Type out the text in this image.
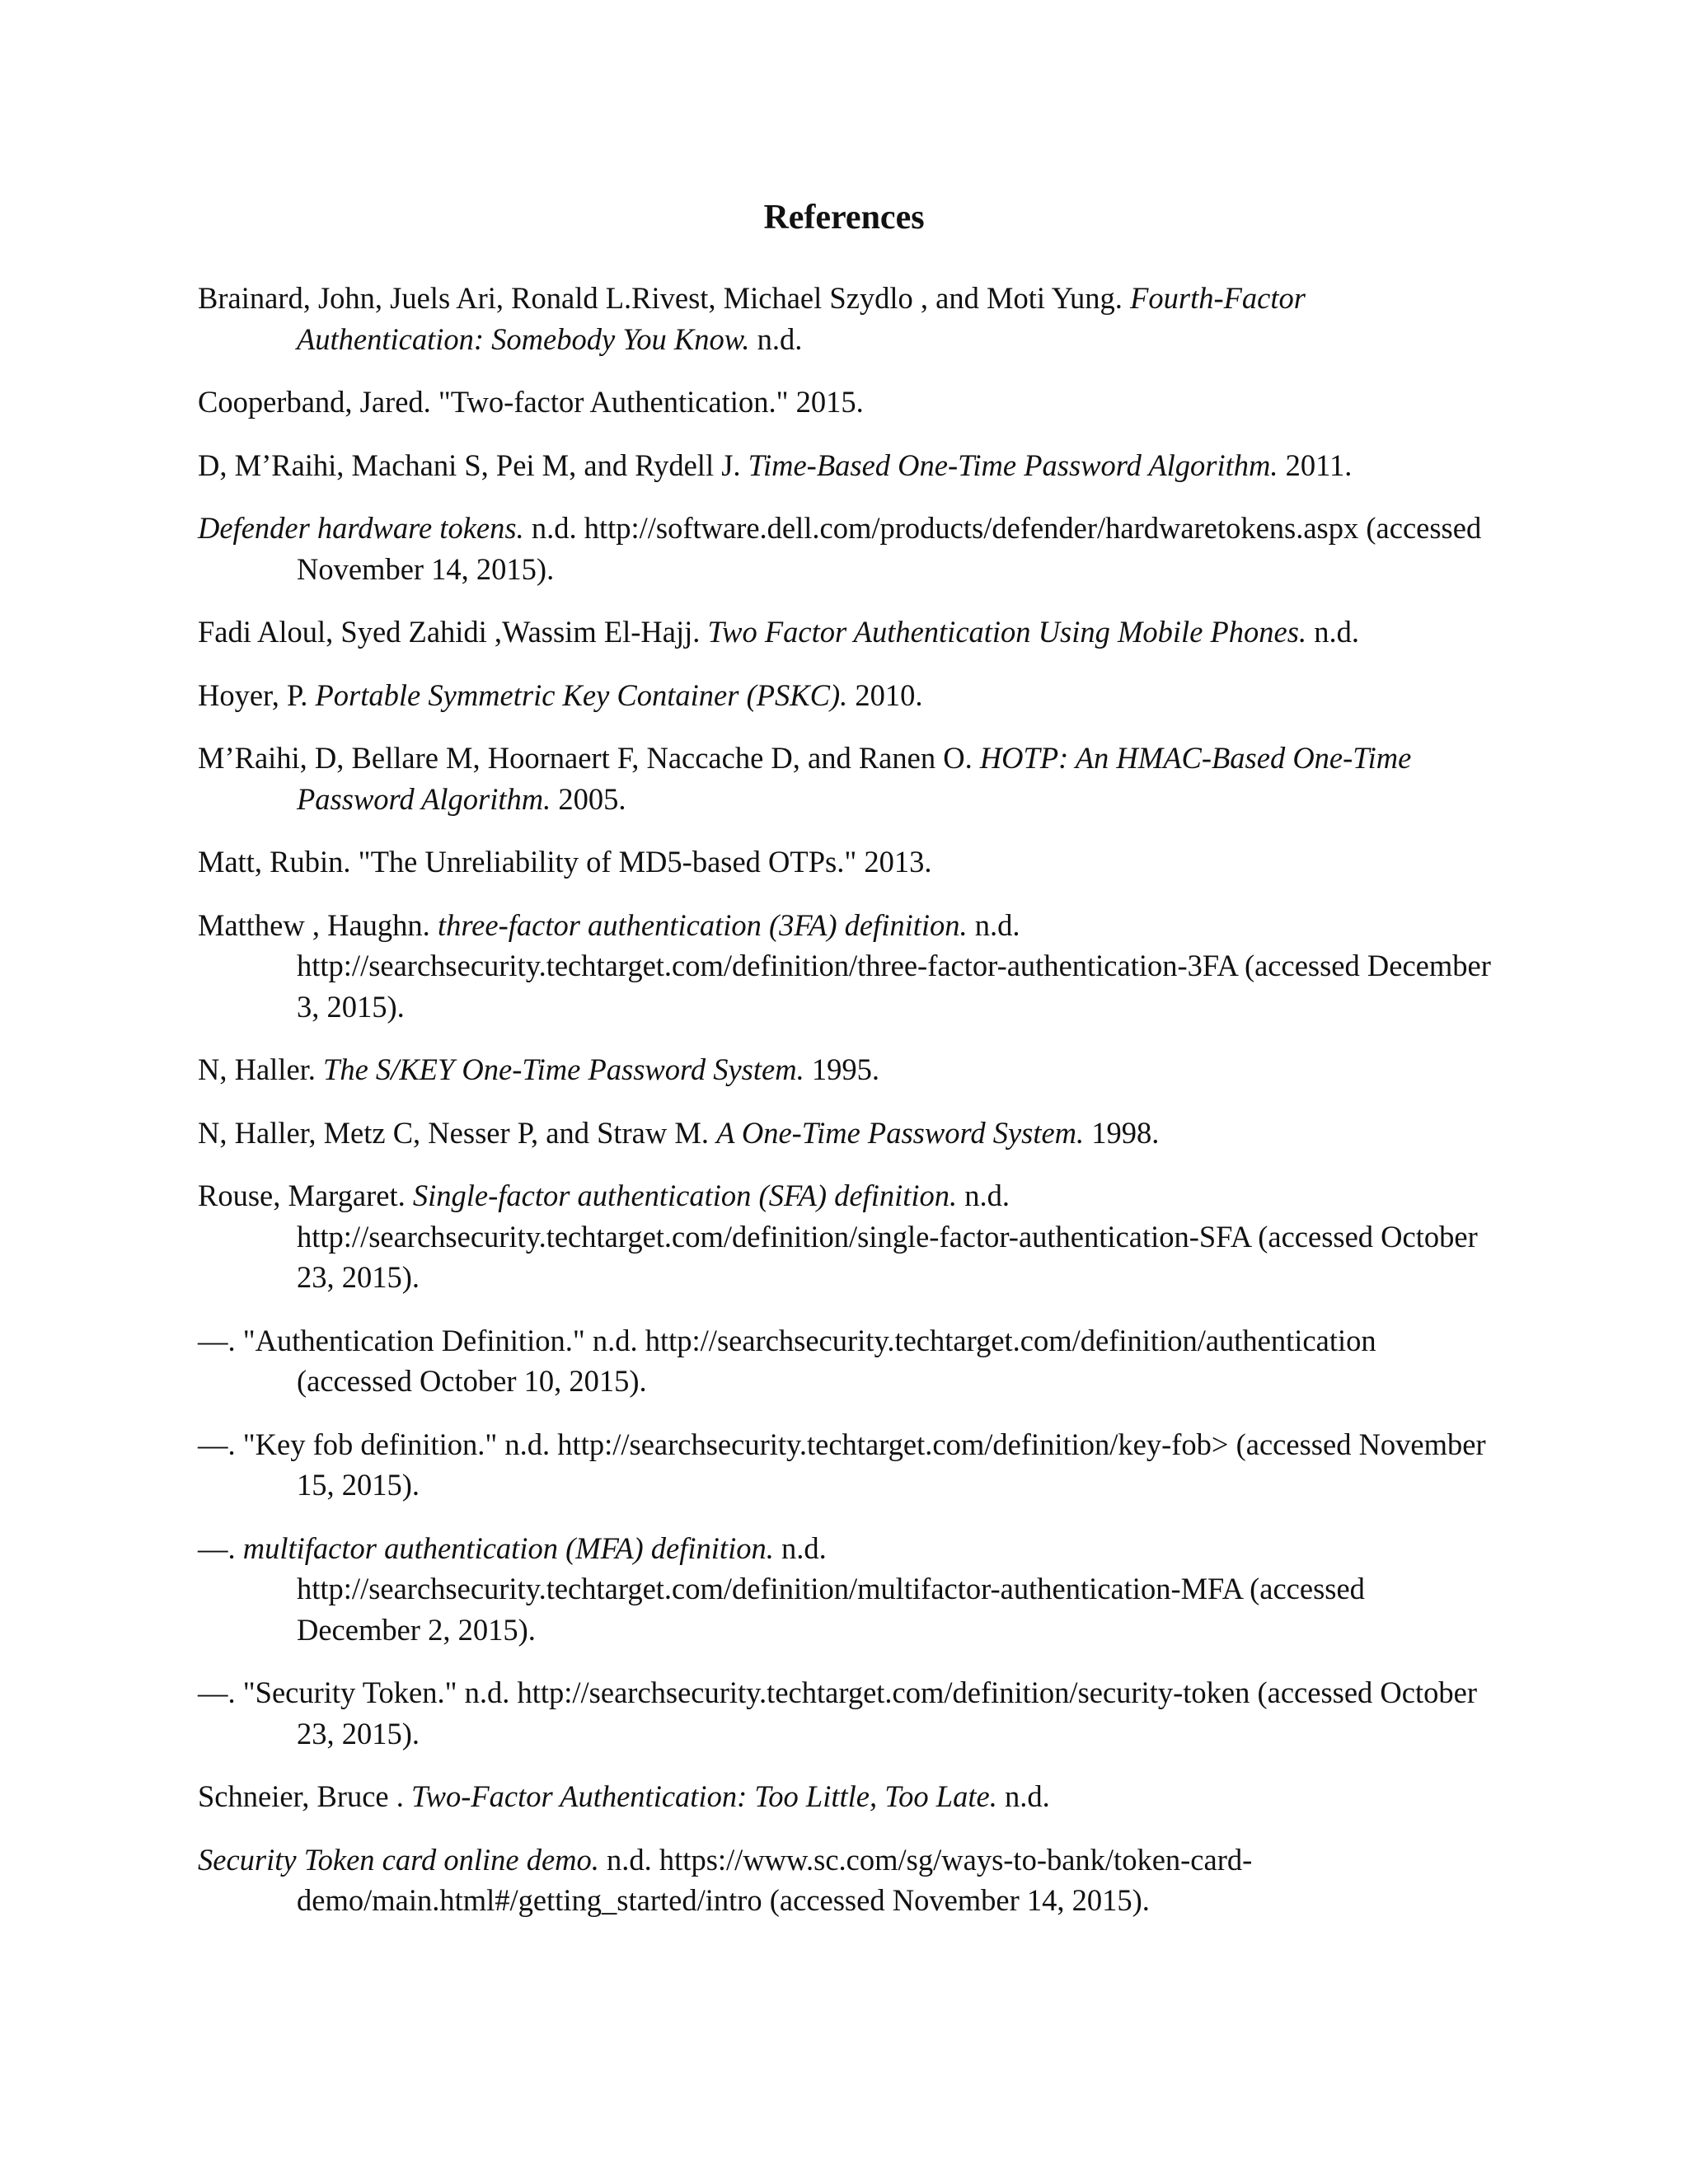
References
Brainard, John, Juels Ari, Ronald L.Rivest, Michael Szydlo , and Moti Yung. Fourth-Factor Authentication: Somebody You Know. n.d.
Cooperband, Jared. "Two-factor Authentication." 2015.
D, M’Raihi, Machani S, Pei M, and Rydell J. Time-Based One-Time Password Algorithm. 2011.
Defender hardware tokens. n.d. http://software.dell.com/products/defender/hardwaretokens.aspx (accessed November 14, 2015).
Fadi Aloul, Syed Zahidi ,Wassim El-Hajj. Two Factor Authentication Using Mobile Phones. n.d.
Hoyer, P. Portable Symmetric Key Container (PSKC). 2010.
M’Raihi, D, Bellare M, Hoornaert F, Naccache D, and Ranen O. HOTP: An HMAC-Based One-Time Password Algorithm. 2005.
Matt, Rubin. "The Unreliability of MD5-based OTPs." 2013.
Matthew , Haughn. three-factor authentication (3FA) definition. n.d. http://searchsecurity.techtarget.com/definition/three-factor-authentication-3FA (accessed December 3, 2015).
N, Haller. The S/KEY One-Time Password System. 1995.
N, Haller, Metz C, Nesser P, and Straw M. A One-Time Password System. 1998.
Rouse, Margaret. Single-factor authentication (SFA) definition. n.d. http://searchsecurity.techtarget.com/definition/single-factor-authentication-SFA (accessed October 23, 2015).
—. "Authentication Definition." n.d. http://searchsecurity.techtarget.com/definition/authentication (accessed October 10, 2015).
—. "Key fob definition." n.d. http://searchsecurity.techtarget.com/definition/key-fob> (accessed November 15, 2015).
—. multifactor authentication (MFA) definition. n.d. http://searchsecurity.techtarget.com/definition/multifactor-authentication-MFA (accessed December 2, 2015).
—. "Security Token." n.d. http://searchsecurity.techtarget.com/definition/security-token (accessed October 23, 2015).
Schneier, Bruce . Two-Factor Authentication: Too Little, Too Late. n.d.
Security Token card online demo. n.d. https://www.sc.com/sg/ways-to-bank/token-card-demo/main.html#/getting_started/intro (accessed November 14, 2015).
